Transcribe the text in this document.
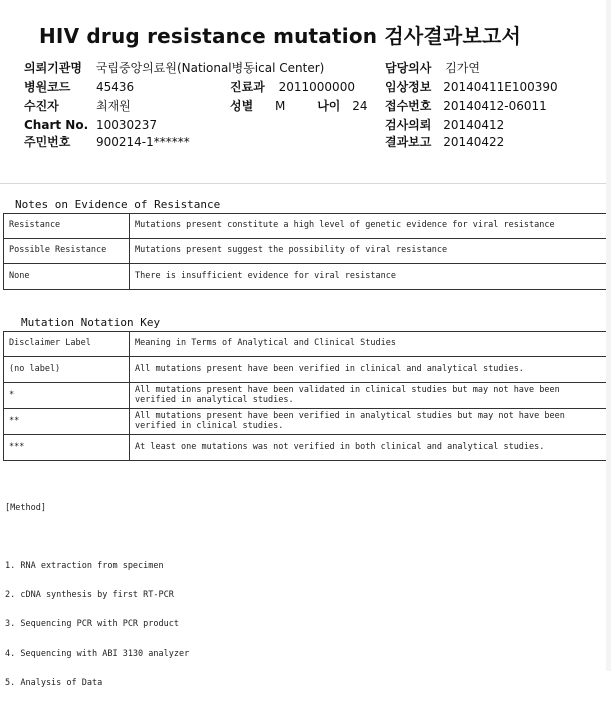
HIV drug resistance mutation 검사결과보고서
의뢰기관명 국립중앙의료원(National병동ical Center)	담당의사 김가연
병원코드 45436	진료과 2011000000	임상정보 20140411E100390
수진자	최재원	성별 M	나이 24 접수번호 20140412-06011
Chart No. 10030237	검사의뢰 20140412
주민번호 900214-1******	결과보고 20140422
Notes on Evidence of Resistance
Resistance	Mutations present constitute a high level of genetic evidence for viral resistance
Possible Resistance	Mutations present suggest the possibility of viral resistance
None	There is insufficient evidence for viral resistance
Mutation Notation Key
Disclaimer Label	Meaning in Terms of Analytical and Clinical Studies
(no label)	All mutations present have been verified in clinical and analytical studies.
*	All mutations present have been validated in clinical studies but may not have been verified in analytical studies.
**	All mutations present have been verified in analytical studies but may not have been verified in clinical studies.
***	At least one mutations was not verified in both clinical and analytical studies.

[Method]

1. RNA extraction from specimen

2. cDNA synthesis by first RT-PCR

3. Sequencing PCR with PCR product

4. Sequencing with ABI 3130 analyzer

5. Analysis of Data
